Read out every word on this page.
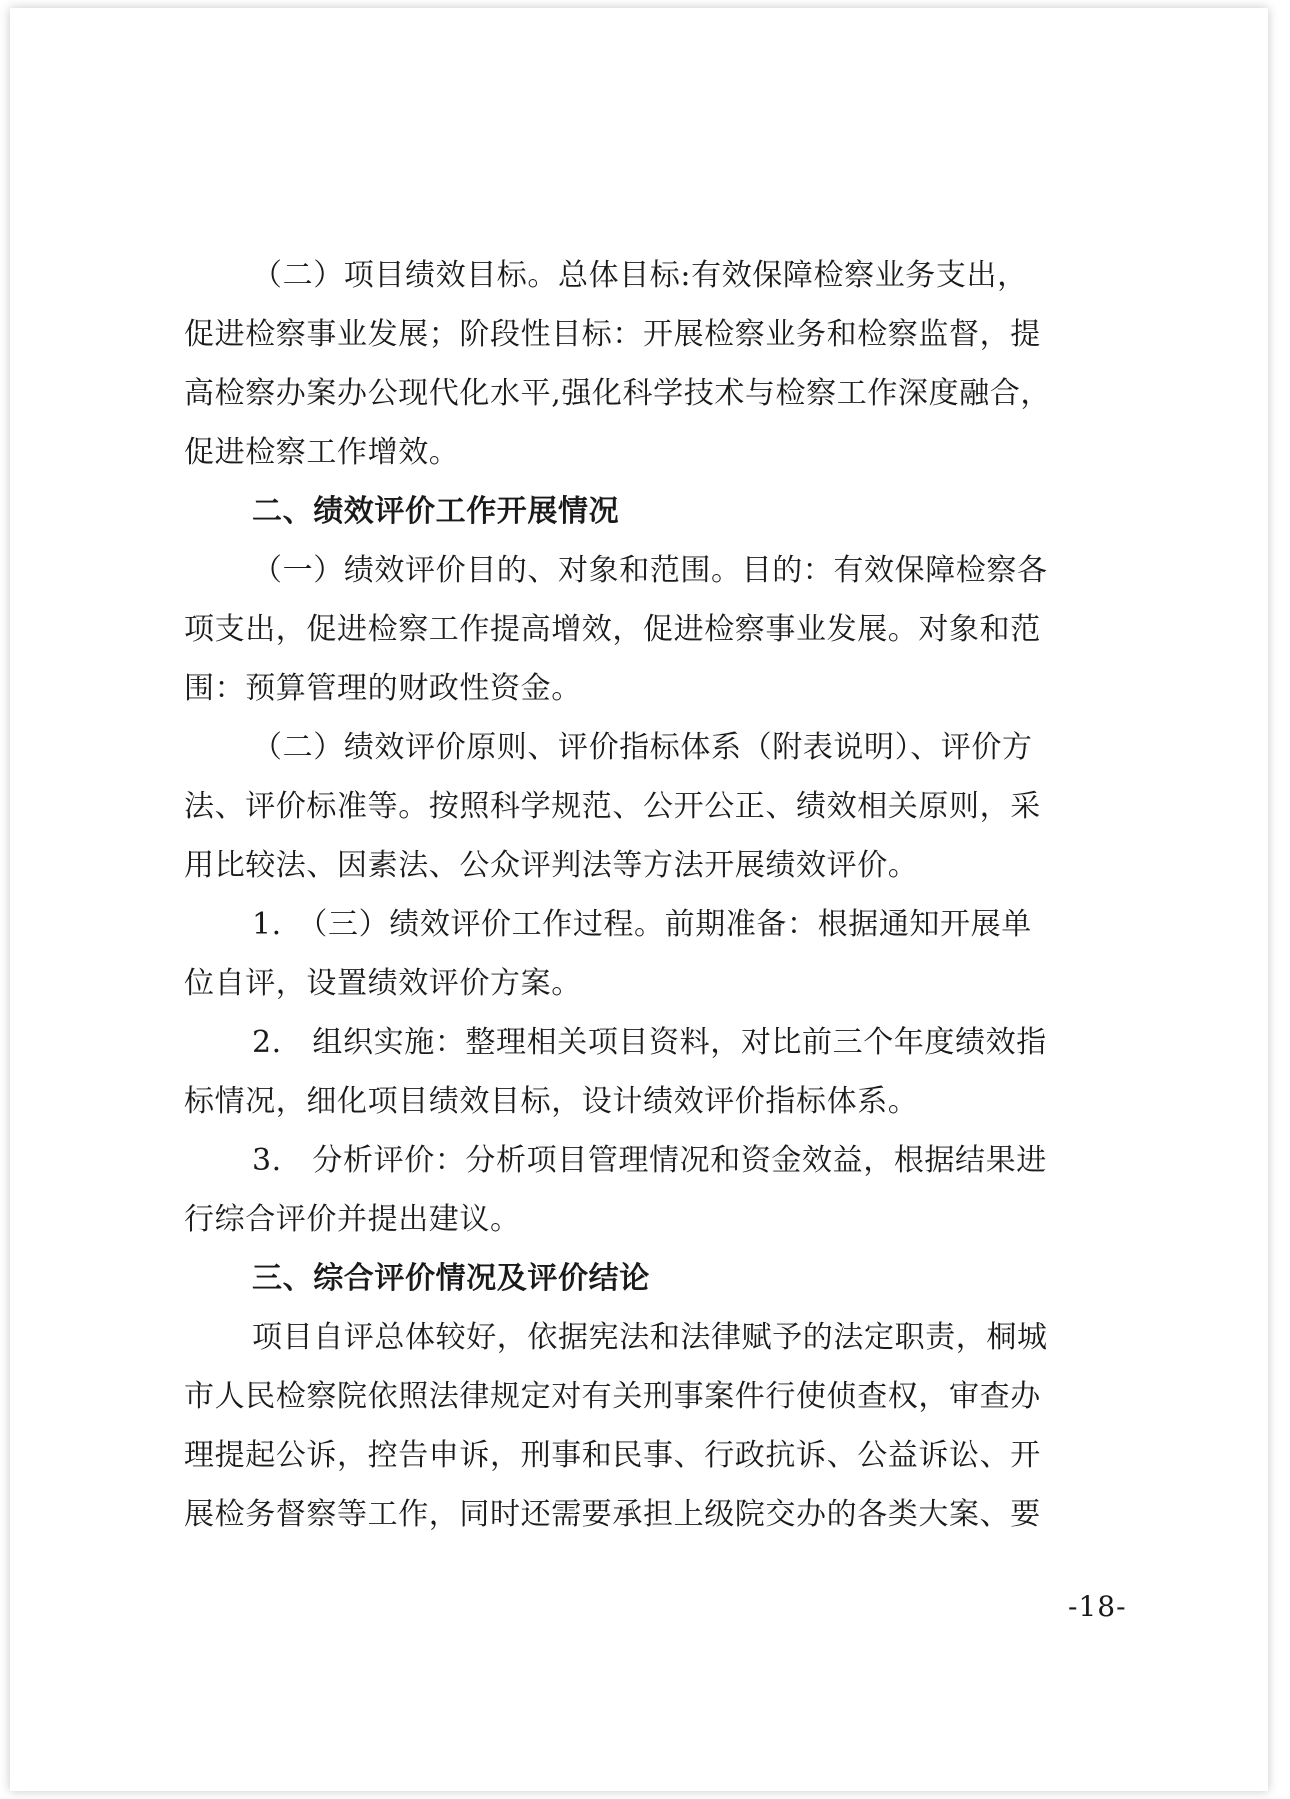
（二）项目绩效目标。总体目标:有效保障检察业务支出，
促进检察事业发展；阶段性目标：开展检察业务和检察监督，提
高检察办案办公现代化水平,强化科学技术与检察工作深度融合，
促进检察工作增效。

二、绩效评价工作开展情况

（一）绩效评价目的、对象和范围。目的：有效保障检察各
项支出，促进检察工作提高增效，促进检察事业发展。对象和范
围：预算管理的财政性资金。

（二）绩效评价原则、评价指标体系（附表说明）、评价方
法、评价标准等。按照科学规范、公开公正、绩效相关原则，采
用比较法、因素法、公众评判法等方法开展绩效评价。

1.　（三）绩效评价工作过程。前期准备：根据通知开展单
位自评，设置绩效评价方案。

2.　组织实施：整理相关项目资料，对比前三个年度绩效指
标情况，细化项目绩效目标，设计绩效评价指标体系。

3.　分析评价：分析项目管理情况和资金效益，根据结果进
行综合评价并提出建议。

三、综合评价情况及评价结论

项目自评总体较好，依据宪法和法律赋予的法定职责，桐城
市人民检察院依照法律规定对有关刑事案件行使侦查权，审查办
理提起公诉，控告申诉，刑事和民事、行政抗诉、公益诉讼、开
展检务督察等工作，同时还需要承担上级院交办的各类大案、要

-18-
